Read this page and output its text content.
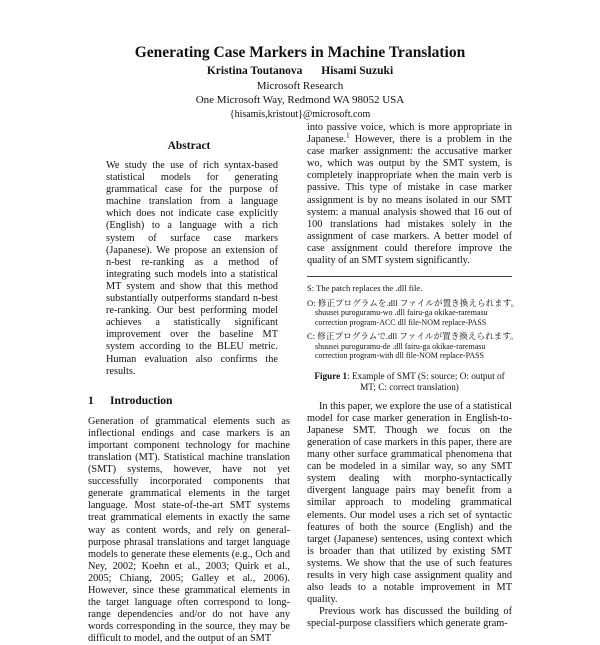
Generating Case Markers in Machine Translation
Kristina Toutanova Hisami Suzuki

Microsoft Research

One Microsoft Way, Redmond WA 98052 USA

{hisamis,kristout}@microsoft.com

Abstract

We study the use of rich syntax-based statistical models for generating grammatical case for the purpose of machine translation from a language which does not indicate case explicitly (English) to a language with a rich system of surface case markers (Japanese). We propose an extension of n-best re-ranking as a method of integrating such models into a statistical MT system and show that this method substantially outperforms standard n-best re-ranking. Our best performing model achieves a statistically significant improvement over the baseline MT system according to the BLEU metric. Human evaluation also confirms the results.

1 Introduction

Generation of grammatical elements such as inflectional endings and case markers is an important component technology for machine translation (MT). Statistical machine translation (SMT) systems, however, have not yet successfully incorporated components that generate grammatical elements in the target language. Most state-of-the-art SMT systems treat grammatical elements in exactly the same way as content words, and rely on general-purpose phrasal translations and target language models to generate these elements (e.g., Och and Ney, 2002; Koehn et al., 2003; Quirk et al., 2005; Chiang, 2005; Galley et al., 2006). However, since these grammatical elements in the target language often correspond to long-range dependencies and/or do not have any words corresponding in the source, they may be difficult to model, and the output of an SMT

into passive voice, which is more appropriate in Japanese.$^1$ However, there is a problem in the case marker assignment: the accusative marker wo, which was output by the SMT system, is completely inappropriate when the main verb is passive. This type of mistake in case marker assignment is by no means isolated in our SMT system: a manual analysis showed that 16 out of 100 translations had mistakes solely in the assignment of case markers. A better model of case assignment could therefore improve the quality of an SMT system significantly.

S: The patch replaces the .dll file.

O: 修正プログラムを.dll ファイルが置き換えられます。

shuusei puroguramu-wo .dll fairu-ga okikae-raremasu

correction program-ACC dll file-NOM replace-PASS

C: 修正プログラムで.dll ファイルが置き換えられます。

shuusei puroguramu-de .dll fairu-ga okikae-raremasu

correction program-with dll file-NOM replace-PASS

Figure 1: Example of SMT (S: source; O: output of MT; C: correct translation)

In this paper, we explore the use of a statistical model for case marker generation in English-to-Japanese SMT. Though we focus on the generation of case markers in this paper, there are many other surface grammatical phenomena that can be modeled in a similar way, so any SMT system dealing with morpho-syntactically divergent language pairs may benefit from a similar approach to modeling grammatical elements. Our model uses a rich set of syntactic features of both the source (English) and the target (Japanese) sentences, using context which is broader than that utilized by existing SMT systems. We show that the use of such features results in very high case assignment quality and also leads to a notable improvement in MT quality.

Previous work has discussed the building of special-purpose classifiers which generate gram-
